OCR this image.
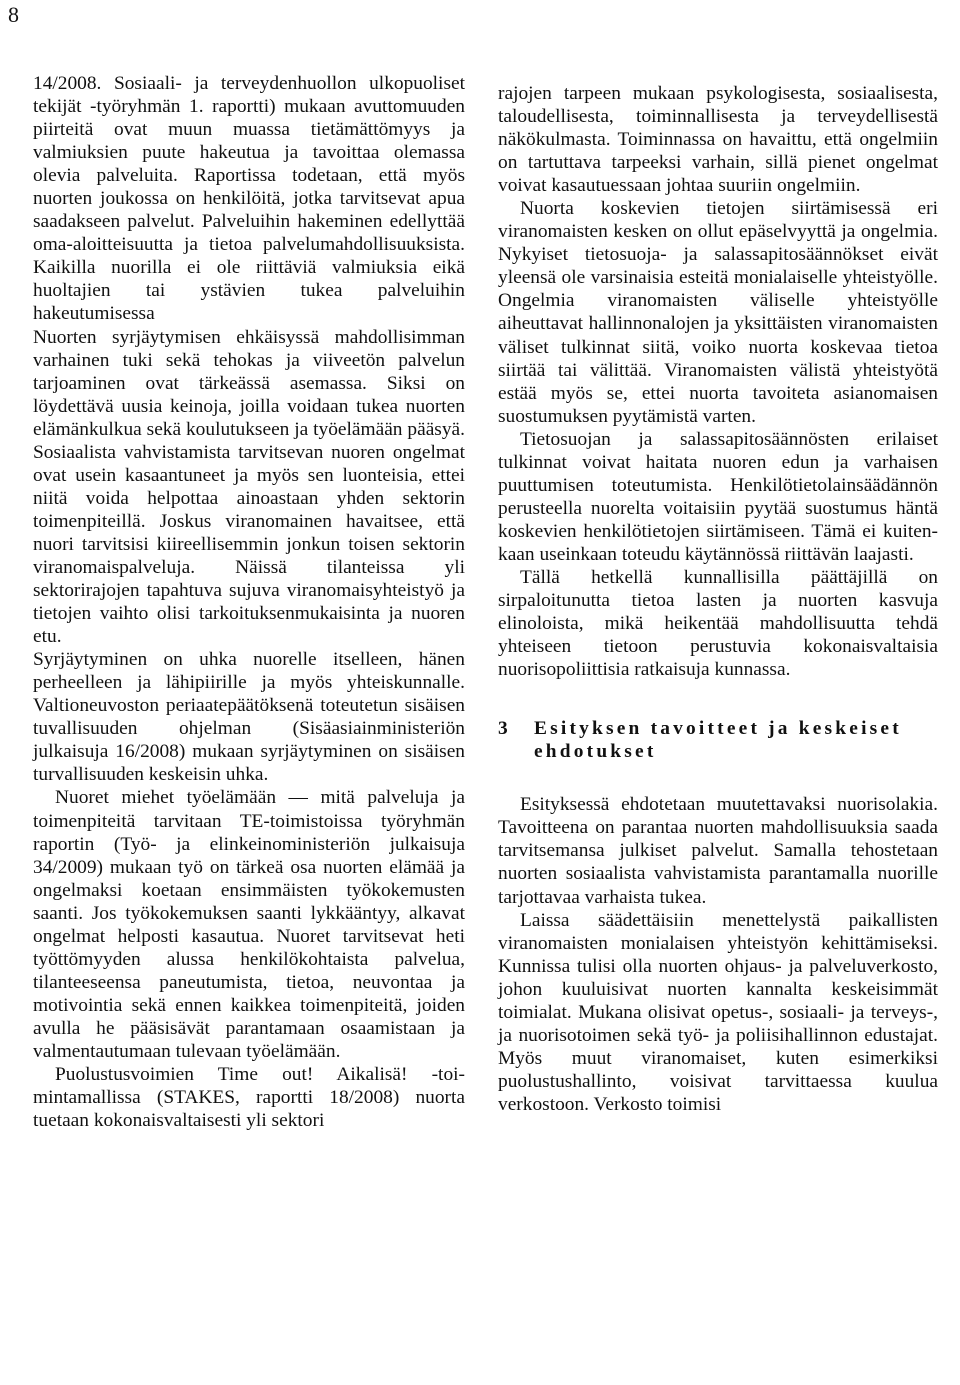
8

14/2008. Sosiaali- ja terveydenhuollon ulkopuoliset tekijät -työryhmän 1. raportti) mukaan avuttomuuden piirteitä ovat muun muassa tietämättömyys ja valmiuksien puute hakeutua ja tavoittaa olemassa olevia palveluita. Raportissa todetaan, että myös nuorten joukossa on henkilöitä, jotka tarvitsevat apua saadakseen palvelut. Palveluihin hakeminen edellyttää oma-aloitteisuutta ja tietoa palvelumahdollisuuksista. Kaikilla nuorilla ei ole riittäviä valmiuksia eikä huoltajien tai ystävien tukea palveluihin hakeutumisessa

Nuorten syrjäytymisen ehkäisyssä mahdollisimman varhainen tuki sekä tehokas ja viiveetön palvelun tarjoaminen ovat tärkeässä asemassa. Siksi on löydettävä uusia keinoja, joilla voidaan tukea nuorten elämänkulkua sekä koulutukseen ja työelämään pääsyä. Sosiaalista vahvistamista tarvitsevan nuoren ongelmat ovat usein kasaantuneet ja myös sen luonteisia, ettei niitä voida helpottaa ainoastaan yhden sektorin toimenpiteillä. Joskus viranomainen havaitsee, että nuori tarvitsisi kiireellisemmin jonkun toisen sektorin viranomaispalveluja. Näissä tilanteissa yli sektorirajojen tapahtuva sujuva viranomaisyhteistyö ja tietojen vaihto olisi tarkoituksenmukaisinta ja nuoren etu.

Syrjäytyminen on uhka nuorelle itselleen, hänen perheelleen ja lähipiirille ja myös yhteiskunnalle. Valtioneuvoston periaatepäätöksenä toteutetun sisäisen tuvallisuuden ohjelman (Sisäasiainministeriön julkaisuja 16/2008) mukaan syrjäytyminen on sisäisen turvallisuuden keskeisin uhka.

Nuoret miehet työelämään — mitä palveluja ja toimenpiteitä tarvitaan TE-toimistoissa työryhmän raportin (Työ- ja elinkeinoministeriön julkaisuja 34/2009) mukaan työ on tärkeä osa nuorten elämää ja ongelmaksi koetaan ensimmäisten työkokemusten saanti. Jos työkokemuksen saanti lykkääntyy, alkavat ongelmat helposti kasautua. Nuoret tarvitsevat heti työttömyyden alussa henkilökohtaista palvelua, tilanteeseensa paneutumista, tietoa, neuvontaa ja motivointia sekä ennen kaikkea toimenpiteitä, joiden avulla he pääsisävät parantamaan osaamistaan ja valmentautumaan tulevaan työelämään.

Puolustusvoimien Time out! Aikalisä! -toimintamallissa (STAKES, raportti 18/2008) nuorta tuetaan kokonaisvaltaisesti yli sektori

rajojen tarpeen mukaan psykologisesta, sosiaalisesta, taloudellisesta, toiminnallisesta ja terveydellisestä näkökulmasta. Toiminnassa on havaittu, että ongelmiin on tartuttava tarpeeksi varhain, sillä pienet ongelmat voivat kasautuessaan johtaa suuriin ongelmiin.

Nuorta koskevien tietojen siirtämisessä eri viranomaisten kesken on ollut epäselvyyttä ja ongelmia. Nykyiset tietosuoja- ja salassapitosäännökset eivät yleensä ole varsinaisia esteitä monialaiselle yhteistyölle. Ongelmia viranomaisten väliselle yhteistyölle aiheuttavat hallinnonalojen ja yksittäisten viranomaisten väliset tulkinnat siitä, voiko nuorta koskevaa tietoa siirtää tai välittää. Viranomaisten välistä yhteistyötä estää myös se, ettei nuorta tavoiteta asianomaisen suostumuksen pyytämistä varten.

Tietosuojan ja salassapitosäännösten erilaiset tulkinnat voivat haitata nuoren edun ja varhaisen puuttumisen toteutumista. Henkilötietolainsäädännön perusteella nuorelta voitaisiin pyytää suostumus häntä koskevien henkilötietojen siirtämiseen. Tämä ei kuitenkaan useinkaan toteudu käytännössä riittävän laajasti.

Tällä hetkellä kunnallisilla päättäjillä on sirpaloitunutta tietoa lasten ja nuorten kasvuja elinoloista, mikä heikentää mahdollisuutta tehdä yhteiseen tietoon perustuvia kokonaisvaltaisia nuorisopoliittisia ratkaisuja kunnassa.

3	Esityksen tavoitteet ja keskeiset ehdotukset

Esityksessä ehdotetaan muutettavaksi nuorisolakia. Tavoitteena on parantaa nuorten mahdollisuuksia saada tarvitsemansa julkiset palvelut. Samalla tehostetaan nuorten sosiaalista vahvistamista parantamalla nuorille tarjottavaa varhaista tukea.

Laissa säädettäisiin menettelystä paikallisten viranomaisten monialaisen yhteistyön kehittämiseksi. Kunnissa tulisi olla nuorten ohjaus- ja palveluverkosto, johon kuuluisivat nuorten kannalta keskeisimmät toimialat. Mukana olisivat opetus-, sosiaali- ja terveys-, ja nuorisotoimen sekä työ- ja poliisihallinnon edustajat. Myös muut viranomaiset, kuten esimerkiksi puolustushallinto, voisivat tarvittaessa kuulua verkostoon. Verkosto toimisi
